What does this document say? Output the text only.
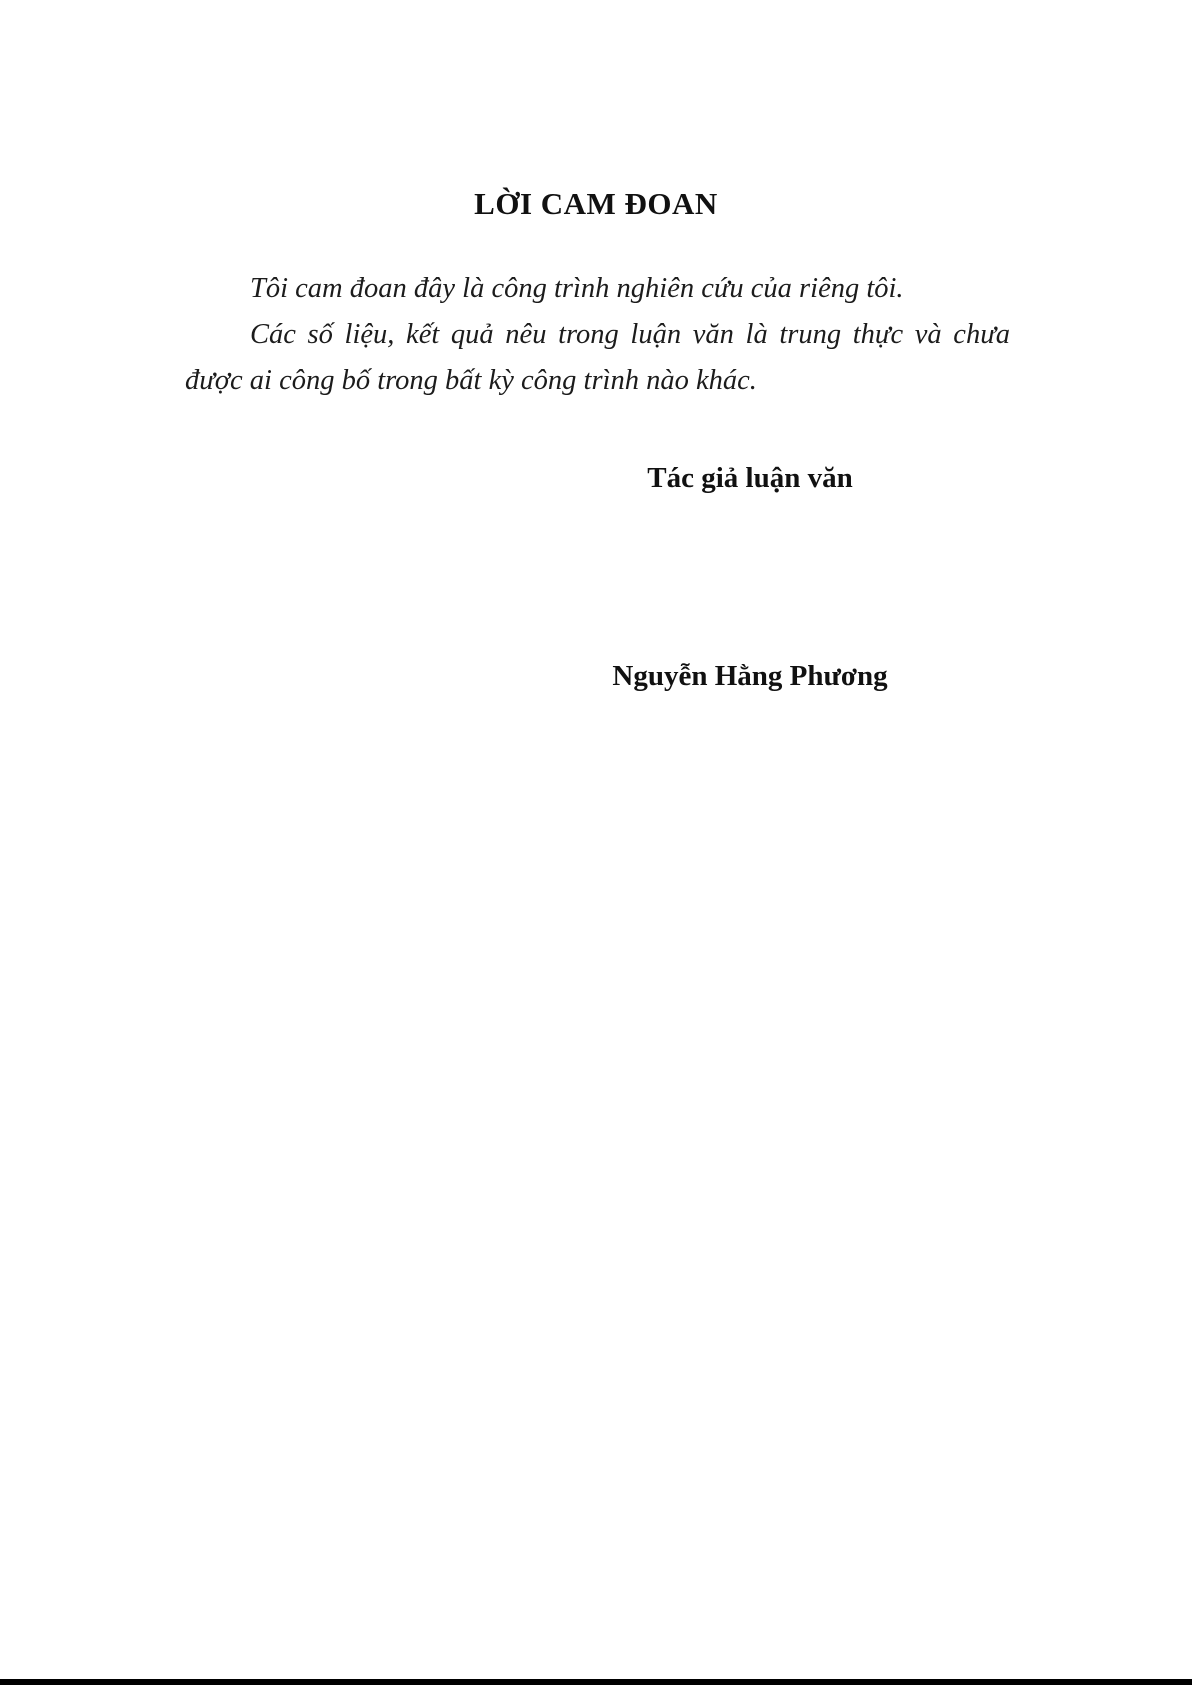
LỜI CAM ĐOAN

Tôi cam đoan đây là công trình nghiên cứu của riêng tôi.

Các số liệu, kết quả nêu trong luận văn là trung thực và chưa được ai công bố trong bất kỳ công trình nào khác.

Tác giả luận văn
Nguyễn Hằng Phương
